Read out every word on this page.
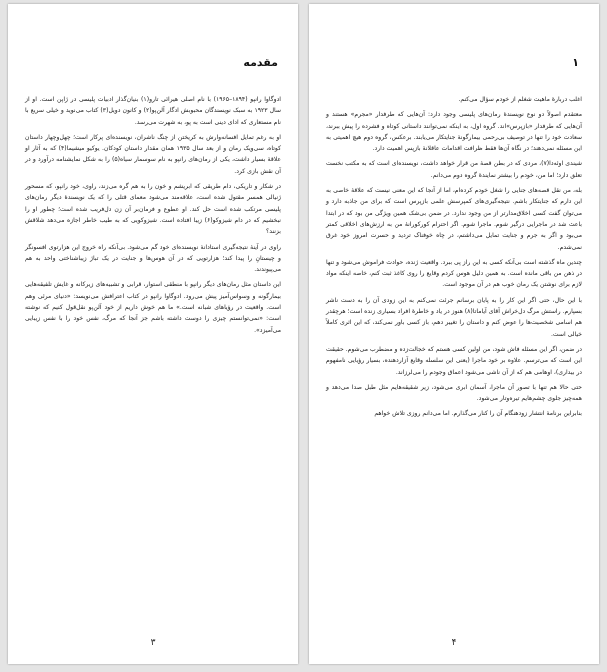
مقدمه

ادوگاوا رانپو (۱۸۹۴–۱۹۶۵) با نام اصلی هیرائی تارو(۱) بنیان‌گذار ادبیات پلیسی در ژاپن است. او از سال ۱۹۲۳ به سبک نویسندگان محبوبش ادگار آلن‌پو(۲) و کانون دویل(۳) کتاب می‌نوید و خیلی سریع با نام مستعاری که ادای دینی است به پو، به شهرت می‌رسد.

او به رغم تمایل افسانه‌وارش به کریختن از چنگ ناشران، نویسنده‌ای پرکار است؛ چهل‌وچهار داستان کوتاه، سی‌ویک رمان و از بعد سال ۱۹۳۵ همان مقدار داستان کودکان. یوکیو میشیما(۴) که به آثار او علاقهٔ بسیار داشت، یکی از رمان‌های رانپو به نام سوسمار سیاه(۵) را به شکل نمایشنامه درآورد و در آن نقش بازی کرد.

در شکار و تاریکی، دام طریقی که ابریشم و خون را به هم گره می‌زند، راوی، خود رانپو، که مسحور ژنیالی همسر مقتول شده است، علاقه‌مند می‌شود معمای قتلی را که یک نویسندهٔ دیگر رمان‌های پلیسی مرتکب شده است حل کند. او عطوع و فرمان‌بر آن زن دل‌فریب شده است؛ چطور او را نبخشیم که در دام شیزوکو(۶) زیبا افتاده است. شیزوکویی که به طیب خاطر اجازه می‌دهد شلاقش بزنند؟

راوی در آینهٔ نتیجه‌گیری استادانهٔ نویسنده‌ای خود گم می‌شود. بی‌آنکه راه خروج این هزارتوی افسونگر و چیستانِ را پیدا کند؛ هزارتویی که در آن هوس‌ها و جنایت در یک تباژ زیبا‌شناختی واحد به هم می‌پیوندند.

این داستان مثل رمان‌های دیگر رانپو با منطقی استوار، قرابی و تشبیه‌های زیرکانه و غایش تلفیقه‌هایی بیمارگونه و وسواس‌آمیز پیش می‌رود. ادوگاوا رانپو در کتاب اعترافش می‌نویسد: «دنیای مرئی وهم است. واقعیت در رؤیاهای شبانه است.» ما هم خوش داریم از خود آلن‌پو نقل‌قول کنیم که نوشته است: «نمی‌توانستم چیزی را دوست داشته باشم جز آنجا که مرگ، نفس خود را با نفس زیبایی می‌آمیزد».

۳
۱

اغلب دربارهٔ ماهیت شغلم از خودم سؤال می‌کنم.

معتقدم اصولاً دو نوع نویسندهٔ رمان‌های پلیسی وجود دارد: آن‌هایی که طرفدار «مجرم» هستند و آن‌هایی که طرفدار «بازپرس»اند. گروه اول، به اینکه نمی‌توانند داستانی کوتاه و فشرده را پیش ببرند، سعادت خود را تنها در توصیف بی‌رحمی بیمارگونهٔ جنایتکار می‌یابند. برعکس، گروه دوم هیچ اهمیتی به این مسئله نمی‌دهند؛ در نگاه آن‌ها فقط ظرافت اقدامات عاقلانهٔ بازپس اهمیت دارد.

شیندی اوئه‌دا(۷)، مردی که در بطن قصهٔ من قرار خواهد داشت، نویسنده‌ای است که به مکتب نخست تعلق دارد؛ اما من، خودم را بیشتر نمایندهٔ گروه دوم می‌دانم.

بله، من نقل قصه‌های جنایی را شغل خودم کرده‌ام، اما از آنجا که این معنی نیست که علاقهٔ خاصی به این دارم که جنایتکار باشم. نتیجه‌گیری‌های کمپرسش علمی بازپرس است که برای من جاذبه دارد و می‌توان گفت کسی اخلاق‌مدارتر از من وجود ندارد. در ضمن بی‌شک همین ویژگی من بود که در ابتدا باعث شد در ماجرایی درگیر شوم. ماجرا شوم. اگر احترام کورکورانهٔ من به ارزش‌های اخلاقی کمتر می‌بود و اگر به جرم و جنایت تمایل می‌داشتم، در چاه خوفناک تردید و حسرت امروز خود غرق نمی‌شدم.

چندین ماه گذشته است بی‌آنکه کسی به این راز پی ببرد. واقعیت ژنده، حوادث فراموش می‌شود و تنها در ذهن من باقی مانده است. به همین دلیل هوس کردم وقایع را روی کاغذ ثبت کنم، خاصه اینکه مواد لازم برای نوشتن یک رمان خوب هم در آن موجود است.

با این حال، حتی اگر این کار را به پایان برسانم جرئت نمی‌کنم به این زودی آن را به دست ناشر بسپارم. راستش مرگ دل‌خراش آقای آیاماتا(۸) هنوز در یاد و خاطرهٔ افراد بسیاری زنده است؛ هرچقدر هم اسامی شخصیت‌ها را عوض کنم و داستان را تغییر دهم، باز کسی باور نمی‌کند، که این اثری کاملاً خیالی است.

در ضمن، اگر این مسئله فاش شود، من اولین کسی هستم که خجالت‌زده و مضطرب می‌شوم. حقیقت این است که می‌ترسم. علاوه بر خود ماجرا (یعنی این سلسله وقایع آزاردهنده، بسیار رؤیایی نامفهوم در بیداری)، اوهامی هم که از آن ناشی می‌شود اعماق وجودم را می‌لرزاند.

حتی حالا هم تنها با تصور آن ماجرا، آسمان ابری می‌شود، زیر شقیقه‌هایم مثل طبل صدا می‌دهد و همه‌چیز جلوی چشم‌هایم تیره‌وتار می‌شود.

بنابراین برنامهٔ انتشار زودهنگام آن را کنار می‌گذارم. اما می‌دانم روزی تلاش خواهم

۴
